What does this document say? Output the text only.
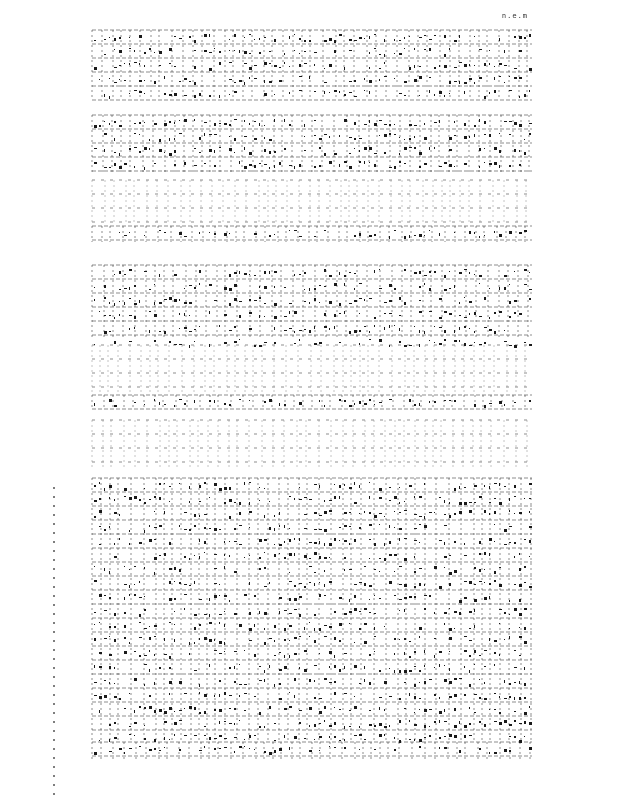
n.e.m
